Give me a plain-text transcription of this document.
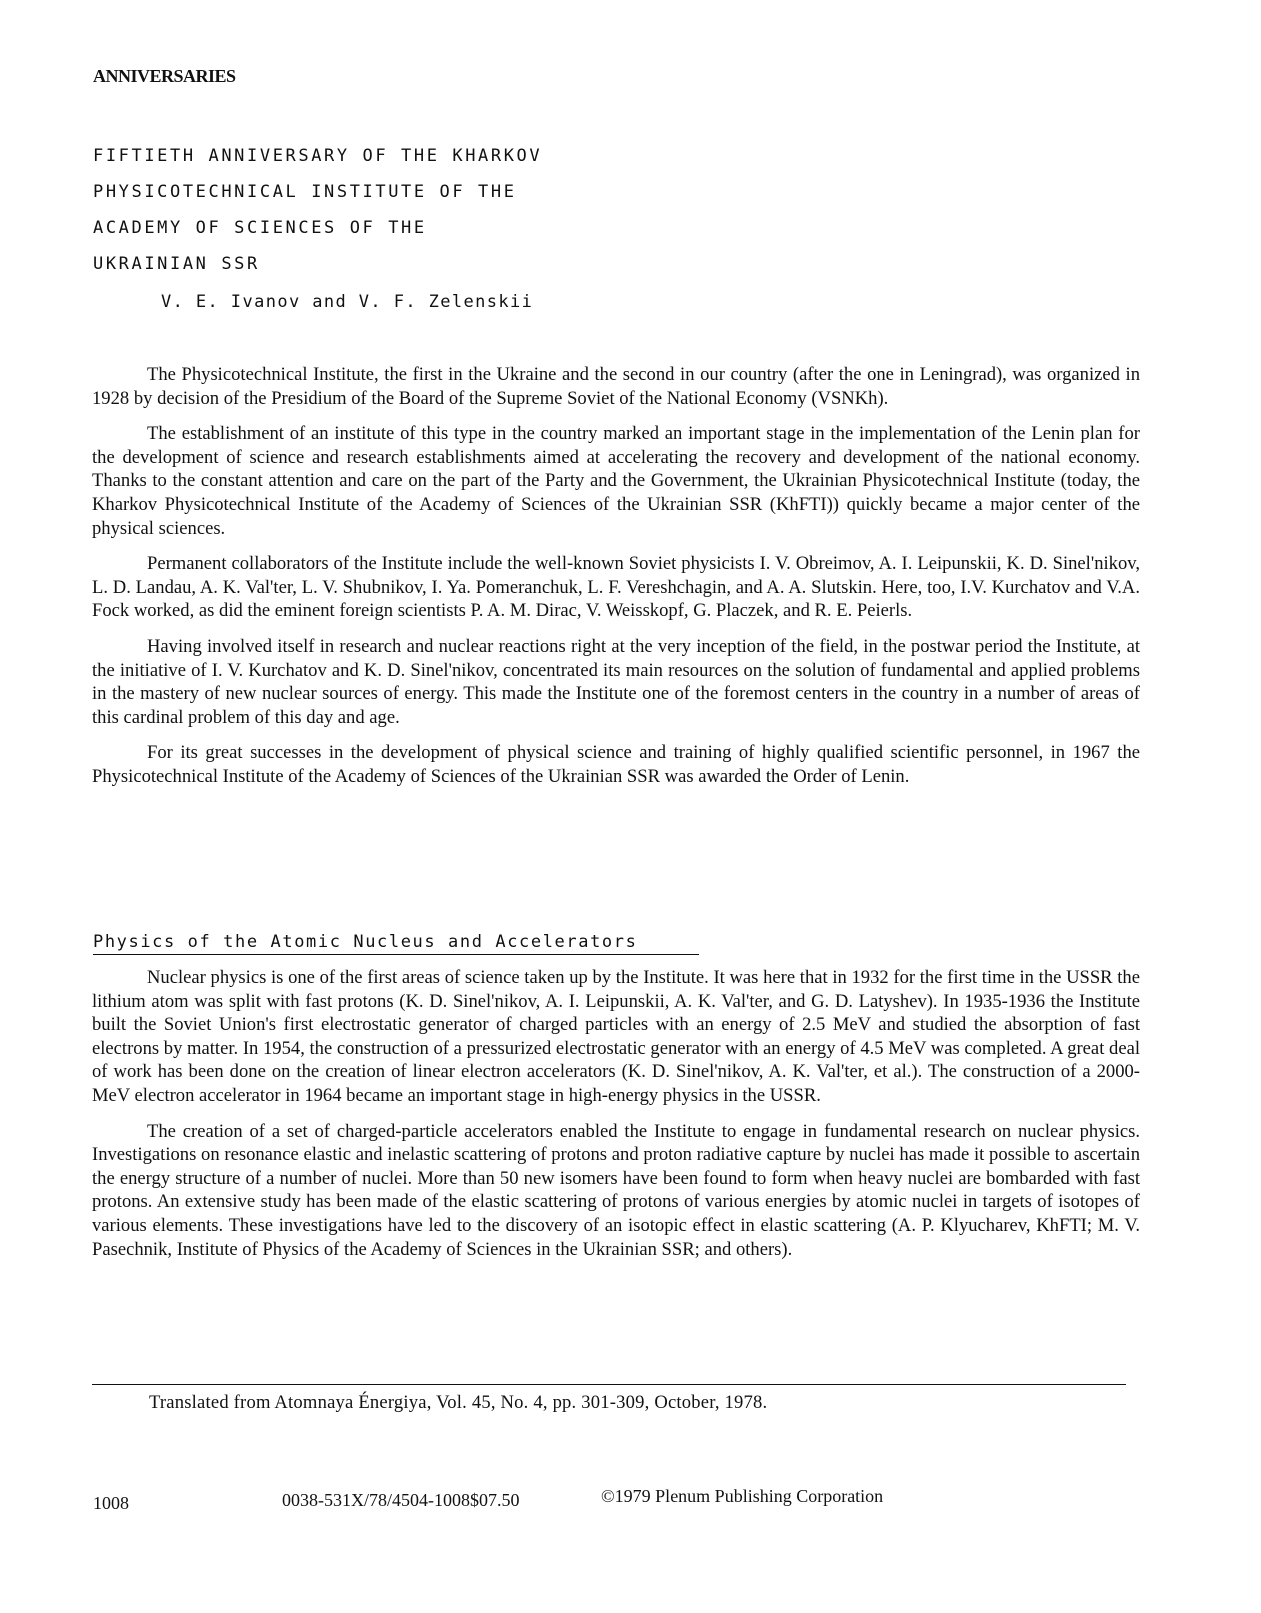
ANNIVERSARIES
FIFTIETH ANNIVERSARY OF THE KHARKOV
PHYSICOTECHNICAL INSTITUTE OF THE
ACADEMY OF SCIENCES OF THE
UKRAINIAN SSR
V. E. Ivanov and V. F. Zelenskii

The Physicotechnical Institute, the first in the Ukraine and the second in our country (after the one in Leningrad), was organized in 1928 by decision of the Presidium of the Board of the Supreme Soviet of the National Economy (VSNKh).

The establishment of an institute of this type in the country marked an important stage in the implementation of the Lenin plan for the development of science and research establishments aimed at accelerating the recovery and development of the national economy. Thanks to the constant attention and care on the part of the Party and the Government, the Ukrainian Physicotechnical Institute (today, the Kharkov Physicotechnical Institute of the Academy of Sciences of the Ukrainian SSR (KhFTI)) quickly became a major center of the physical sciences.

Permanent collaborators of the Institute include the well-known Soviet physicists I. V. Obreimov, A. I. Leipunskii, K. D. Sinel'nikov, L. D. Landau, A. K. Val'ter, L. V. Shubnikov, I. Ya. Pomeranchuk, L. F. Vereshchagin, and A. A. Slutskin. Here, too, I.V. Kurchatov and V.A. Fock worked, as did the eminent foreign scientists P. A. M. Dirac, V. Weisskopf, G. Placzek, and R. E. Peierls.

Having involved itself in research and nuclear reactions right at the very inception of the field, in the postwar period the Institute, at the initiative of I. V. Kurchatov and K. D. Sinel'nikov, concentrated its main resources on the solution of fundamental and applied problems in the mastery of new nuclear sources of energy. This made the Institute one of the foremost centers in the country in a number of areas of this cardinal problem of this day and age.

For its great successes in the development of physical science and training of highly qualified scientific personnel, in 1967 the Physicotechnical Institute of the Academy of Sciences of the Ukrainian SSR was awarded the Order of Lenin.

Physics of the Atomic Nucleus and Accelerators

Nuclear physics is one of the first areas of science taken up by the Institute. It was here that in 1932 for the first time in the USSR the lithium atom was split with fast protons (K. D. Sinel'nikov, A. I. Leipunskii, A. K. Val'ter, and G. D. Latyshev). In 1935-1936 the Institute built the Soviet Union's first electrostatic generator of charged particles with an energy of 2.5 MeV and studied the absorption of fast electrons by matter. In 1954, the construction of a pressurized electrostatic generator with an energy of 4.5 MeV was completed. A great deal of work has been done on the creation of linear electron accelerators (K. D. Sinel'nikov, A. K. Val'ter, et al.). The construction of a 2000-MeV electron accelerator in 1964 became an important stage in high-energy physics in the USSR.

The creation of a set of charged-particle accelerators enabled the Institute to engage in fundamental research on nuclear physics. Investigations on resonance elastic and inelastic scattering of protons and proton radiative capture by nuclei has made it possible to ascertain the energy structure of a number of nuclei. More than 50 new isomers have been found to form when heavy nuclei are bombarded with fast protons. An extensive study has been made of the elastic scattering of protons of various energies by atomic nuclei in targets of isotopes of various elements. These investigations have led to the discovery of an isotopic effect in elastic scattering (A. P. Klyucharev, KhFTI; M. V. Pasechnik, Institute of Physics of the Academy of Sciences in the Ukrainian SSR; and others).

Translated from Atomnaya Énergiya, Vol. 45, No. 4, pp. 301-309, October, 1978.
1008	0038-531X/78/4504-1008$07.50	©1979 Plenum Publishing Corporation
